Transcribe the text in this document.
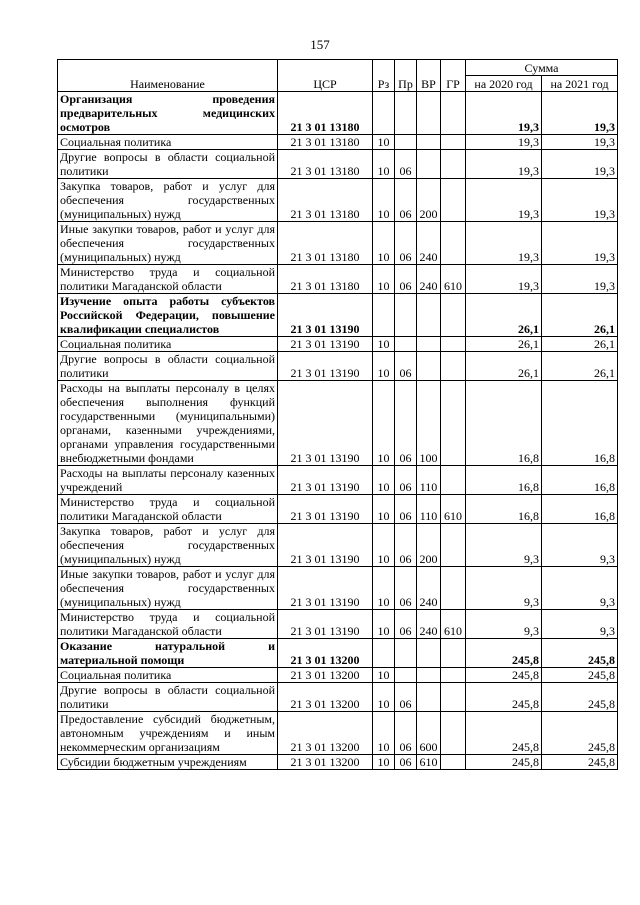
157
Наименование	ЦСР	Рз	Пр	ВР	ГР	Сумма	
						на 2020 год	на 2021 год
Организация проведения предварительных медицинских осмотров	21 3 01 13180					19,3	19,3
Социальная политика	21 3 01 13180	10				19,3	19,3
Другие вопросы в области социальной политики	21 3 01 13180	10	06			19,3	19,3
Закупка товаров, работ и услуг для обеспечения государственных (муниципальных) нужд	21 3 01 13180	10	06	200		19,3	19,3
Иные закупки товаров, работ и услуг для обеспечения государственных (муниципальных) нужд	21 3 01 13180	10	06	240		19,3	19,3
Министерство труда и социальной политики Магаданской области	21 3 01 13180	10	06	240	610	19,3	19,3
Изучение опыта работы субъектов Российской Федерации, повышение квалификации специалистов	21 3 01 13190					26,1	26,1
Социальная политика	21 3 01 13190	10				26,1	26,1
Другие вопросы в области социальной политики	21 3 01 13190	10	06			26,1	26,1
Расходы на выплаты персоналу в целях обеспечения выполнения функций государственными (муниципальными) органами, казенными учреждениями, органами управления государственными внебюджетными фондами	21 3 01 13190	10	06	100		16,8	16,8
Расходы на выплаты персоналу казенных учреждений	21 3 01 13190	10	06	110		16,8	16,8
Министерство труда и социальной политики Магаданской области	21 3 01 13190	10	06	110	610	16,8	16,8
Закупка товаров, работ и услуг для обеспечения государственных (муниципальных) нужд	21 3 01 13190	10	06	200		9,3	9,3
Иные закупки товаров, работ и услуг для обеспечения государственных (муниципальных) нужд	21 3 01 13190	10	06	240		9,3	9,3
Министерство труда и социальной политики Магаданской области	21 3 01 13190	10	06	240	610	9,3	9,3
Оказание натуральной и материальной помощи	21 3 01 13200					245,8	245,8
Социальная политика	21 3 01 13200	10				245,8	245,8
Другие вопросы в области социальной политики	21 3 01 13200	10	06			245,8	245,8
Предоставление субсидий бюджетным, автономным учреждениям и иным некоммерческим организациям	21 3 01 13200	10	06	600		245,8	245,8
Субсидии бюджетным учреждениям	21 3 01 13200	10	06	610		245,8	245,8
